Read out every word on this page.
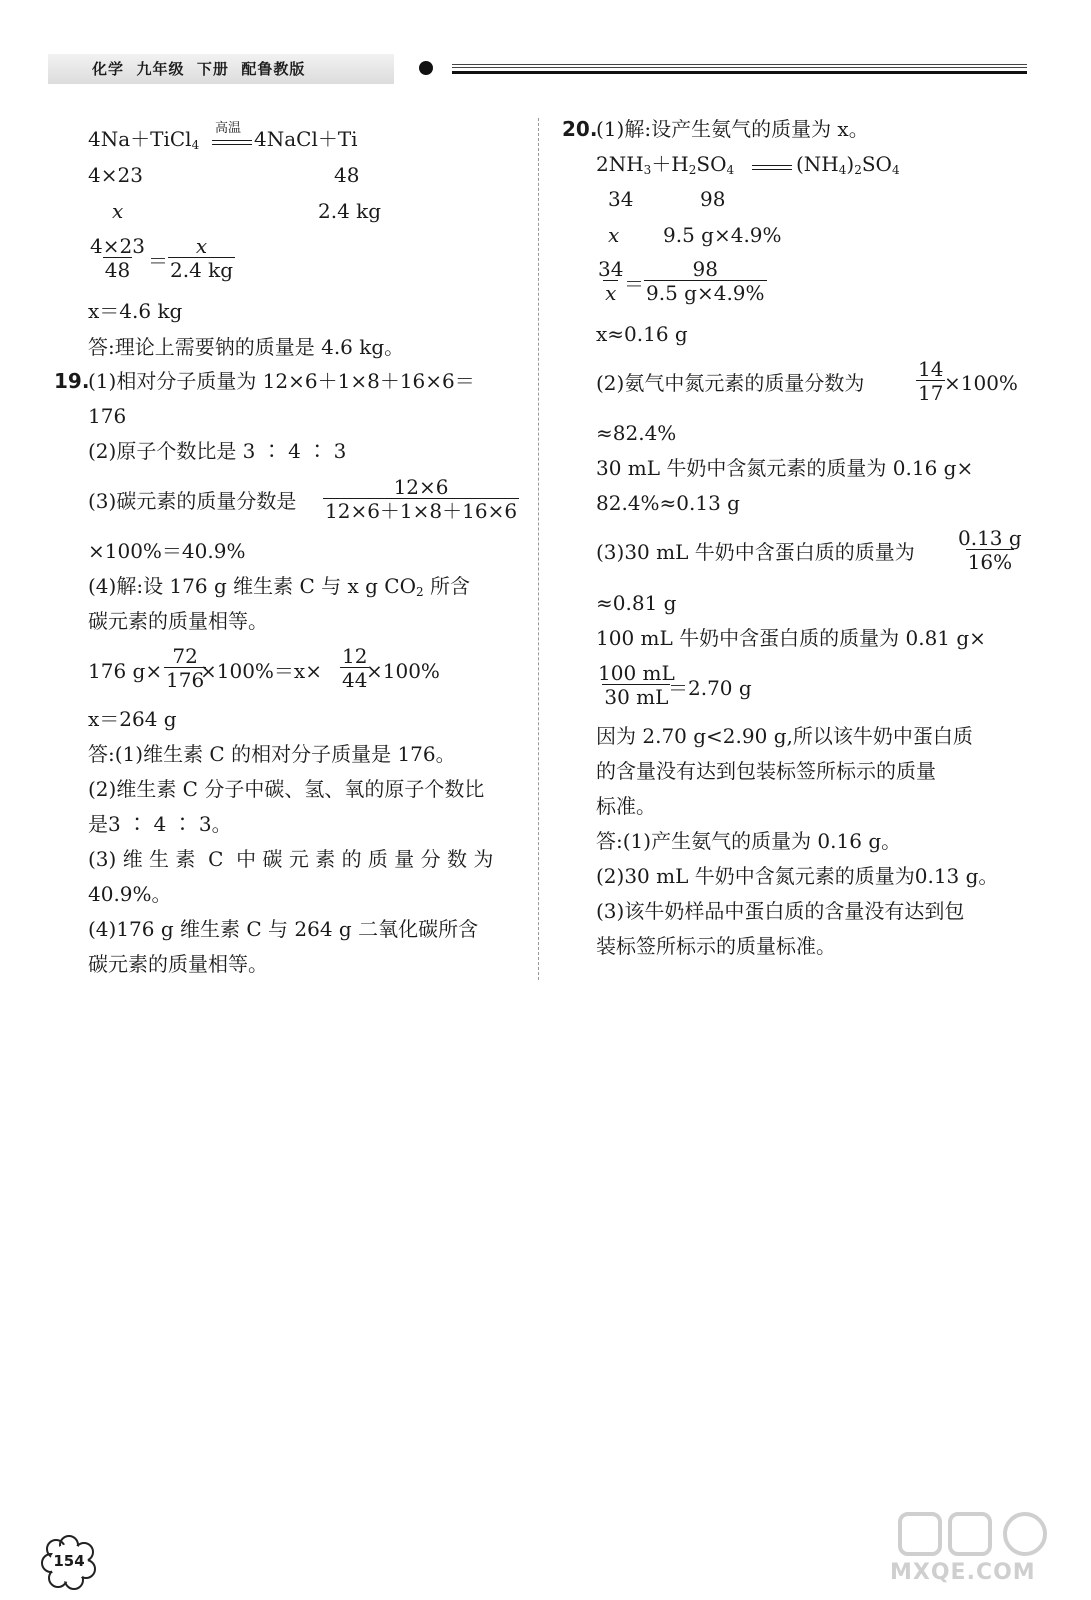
化学  九年级  下册  配鲁教版
4Na＋TiCl$_4$
高温 4NaCl＋Ti
4×23	48
x	2.4 kg
$\frac{4\times 23}{48} = \frac{x}{2.4 kg}$
x＝4.6 kg
答:理论上需要钠的质量是 4.6 kg。
19.
(1)相对分子质量为 12×6＋1×8＋16×6＝
176
(2)原子个数比是 3 ∶ 4 ∶ 3
(3)碳元素的质量分数是 $\frac{12\times 6}{12\times 6+1\times 8+16\times 6}$
×100%＝40.9%
(4)解:设 176 g 维生素 C 与 x g $CO_2$ 所含
碳元素的质量相等。
176 $g\times \frac{72}{176}$
$\times 100\%=x\times \frac{12}{44}$
×100%
x＝264 g
答:(1)维生素 C 的相对分子质量是 176。
(2)维生素 C 分子中碳、氢、氧的原子个数比
是3 ∶ 4 ∶ 3。
(3) 维 生 素  C  中 碳 元 素 的 质 量 分 数 为
40.9%。
(4)176 g 维生素 C 与 264 g 二氧化碳所含
碳元素的质量相等。
20.
(1)解:设产生氨气的质量为 x。
$2NH_3+H_2SO_4$	$(NH_4)_2SO_4$
34	98
x 9.5 g×4.9%
$\frac{34}{x}$
＝ $\frac{98}{9.5 g\times 4.9\%}$
x≈0.16 g
(2)氨气中氮元素的质量分数为	$\frac{14}{17}$
×100%
≈82.4%
30 mL 牛奶中含氮元素的质量为 0.16 g×
82.4%≈0.13 g
(3)30 mL 牛奶中含蛋白质的质量为 $\frac{0.13 g}{16\%}$
≈0.81 g
100 mL 牛奶中含蛋白质的质量为 0.81 g×
$\frac{100 mL}{30 mL}$
＝2.70 g
因为 2.70 g<2.90 g,所以该牛奶中蛋白质
的含量没有达到包装标签所标示的质量
标准。
答:(1)产生氨气的质量为 0.16 g。
(2)30 mL 牛奶中含氮元素的质量为0.13 g。
(3)该牛奶样品中蛋白质的含量没有达到包
装标签所标示的质量标准。
154	MXQE.COM
